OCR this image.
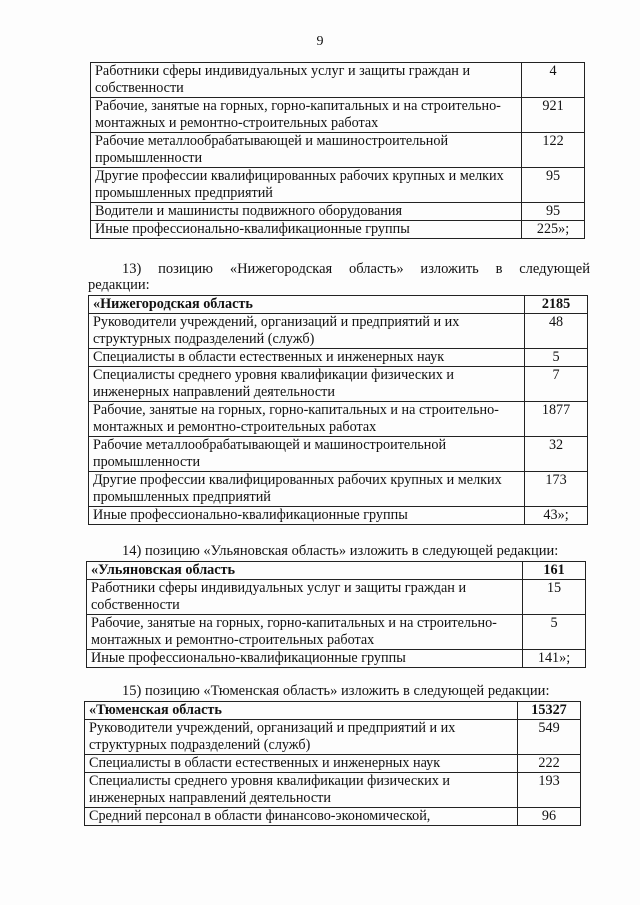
9
Работники сферы индивидуальных услуг и защиты граждан и собственности	4
Рабочие, занятые на горных, горно-капитальных и на строительно-монтажных и ремонтно-строительных работах	921
Рабочие металлообрабатывающей и машиностроительной промышленности	122
Другие профессии квалифицированных рабочих крупных и мелких промышленных предприятий	95
Водители и машинисты подвижного оборудования	95
Иные профессионально-квалификационные группы	225»;
13) позицию «Нижегородская область» изложить в следующей
редакции:
«Нижегородская область	2185
Руководители учреждений, организаций и предприятий и их структурных подразделений (служб)	48
Специалисты в области естественных и инженерных наук	5
Специалисты среднего уровня квалификации физических и инженерных направлений деятельности	7
Рабочие, занятые на горных, горно-капитальных и на строительно-монтажных и ремонтно-строительных работах	1877
Рабочие металлообрабатывающей и машиностроительной промышленности	32
Другие профессии квалифицированных рабочих крупных и мелких промышленных предприятий	173
Иные профессионально-квалификационные группы	43»;
14) позицию «Ульяновская область» изложить в следующей редакции:
«Ульяновская область	161
Работники сферы индивидуальных услуг и защиты граждан и собственности	15
Рабочие, занятые на горных, горно-капитальных и на строительно-монтажных и ремонтно-строительных работах	5
Иные профессионально-квалификационные группы	141»;
15) позицию «Тюменская область» изложить в следующей редакции:
«Тюменская область	15327
Руководители учреждений, организаций и предприятий и их структурных подразделений (служб)	549
Специалисты в области естественных и инженерных наук	222
Специалисты среднего уровня квалификации физических и инженерных направлений деятельности	193
Средний персонал в области финансово-экономической,	96
